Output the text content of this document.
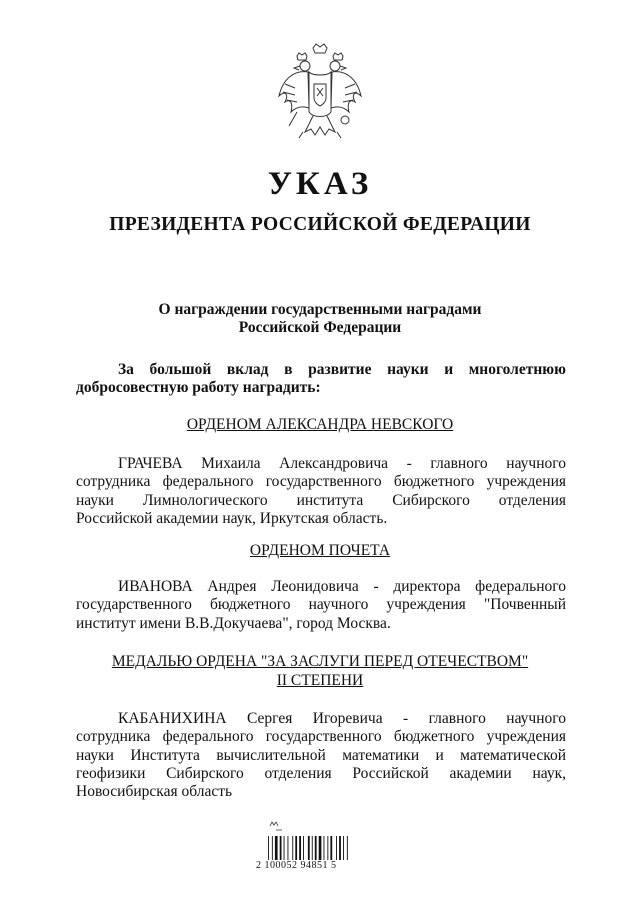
УКАЗ
ПРЕЗИДЕНТА РОССИЙСКОЙ ФЕДЕРАЦИИ
О награждении государственными наградами
Российской Федерации
За большой вклад в развитие науки и многолетнюю
добросовестную работу наградить:
ОРДЕНОМ АЛЕКСАНДРА НЕВСКОГО
ГРАЧЕВА Михаила Александровича - главного научного
сотрудника федерального государственного бюджетного учреждения
науки Лимнологического института Сибирского отделения
Российской академии наук, Иркутская область.
ОРДЕНОМ ПОЧЕТА
ИВАНОВА Андрея Леонидовича - директора федерального
государственного бюджетного научного учреждения "Почвенный
институт имени В.В.Докучаева", город Москва.
МЕДАЛЬЮ ОРДЕНА "ЗА ЗАСЛУГИ ПЕРЕД ОТЕЧЕСТВОМ"
II СТЕПЕНИ
КАБАНИХИНА Сергея Игоревича - главного научного
сотрудника федерального государственного бюджетного учреждения
науки Института вычислительной математики и математической
геофизики Сибирского отделения Российской академии наук,
Новосибирская область
2 100052 94851 5
